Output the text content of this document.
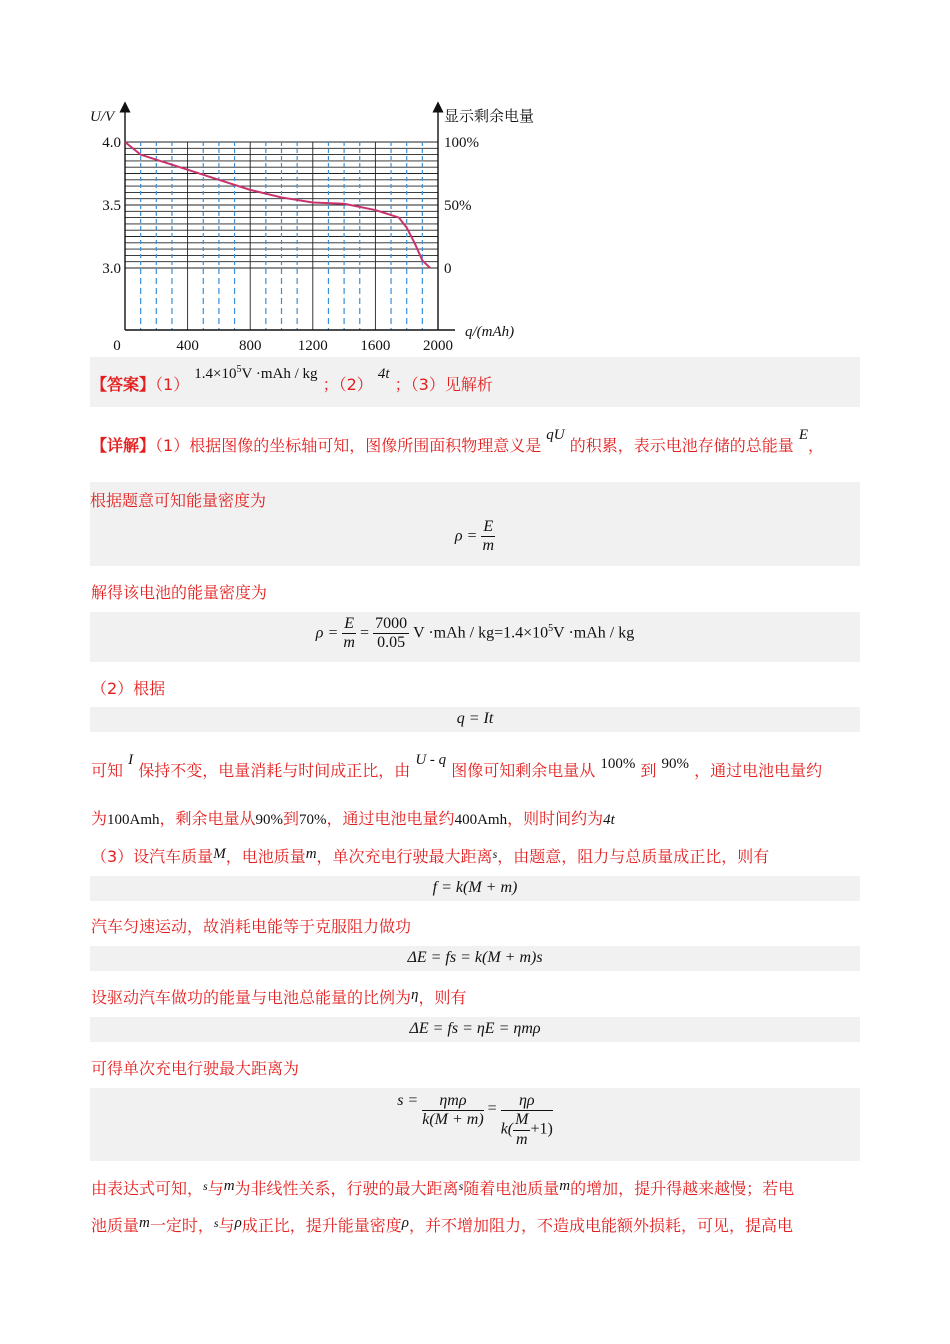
U/V	显示剩余电量
q/(mAh)
0	400	800 1200 1600 2000
4.0
3.5
3.0
100%
50%
0
【答案】（1） $1.4\times 10^5V \cdot mAh$ / kg ；（2） 4t ；（3）见解析
【详解】（1）根据图像的坐标轴可知，图像所围面积物理意义是 qU 的积累，表示电池存储的总能量 E，
根据题意可知能量密度为
$\rho = \frac{E}{m}$
解得该电池的能量密度为
$\rho = \frac{E}{m} = \frac{7000}{0.05}$ $V \cdot mAh / kg=1.4\times 10^5V \cdot mAh$ / kg
（2）根据
q = It
可知 I 保持不变，电量消耗与时间成正比，由 U - q 图像可知剩余电量从 100% 到 90% ，通过电池电量约
为100Amh，剩余电量从90%到70%，通过电池电量约400Amh，则时间约为4t
（3）设汽车质量M，电池质量m，单次充电行驶最大距离$^s$，由题意，阻力与总质量成正比，则有
f = k(M + m)
汽车匀速运动，故消耗电能等于克服阻力做功
ΔE = fs = k(M + m)s
设驱动汽车做功的能量与电池总能量的比例为η，则有
ΔE = fs = ηE = ηmρ
可得单次充电行驶最大距离为
$s = \frac{\text{ηmρ}}{k(M + m)} = \frac{\eta\rho}{k( \frac{M}{m} +1)}$
由表达式可知，$^s$与m为非线性关系，行驶的最大距离$^s$随着电池质量m的增加，提升得越来越慢；若电
池质量m一定时，$^s$与ρ成正比，提升能量密度ρ，并不增加阻力，不造成电能额外损耗，可见，提高电
